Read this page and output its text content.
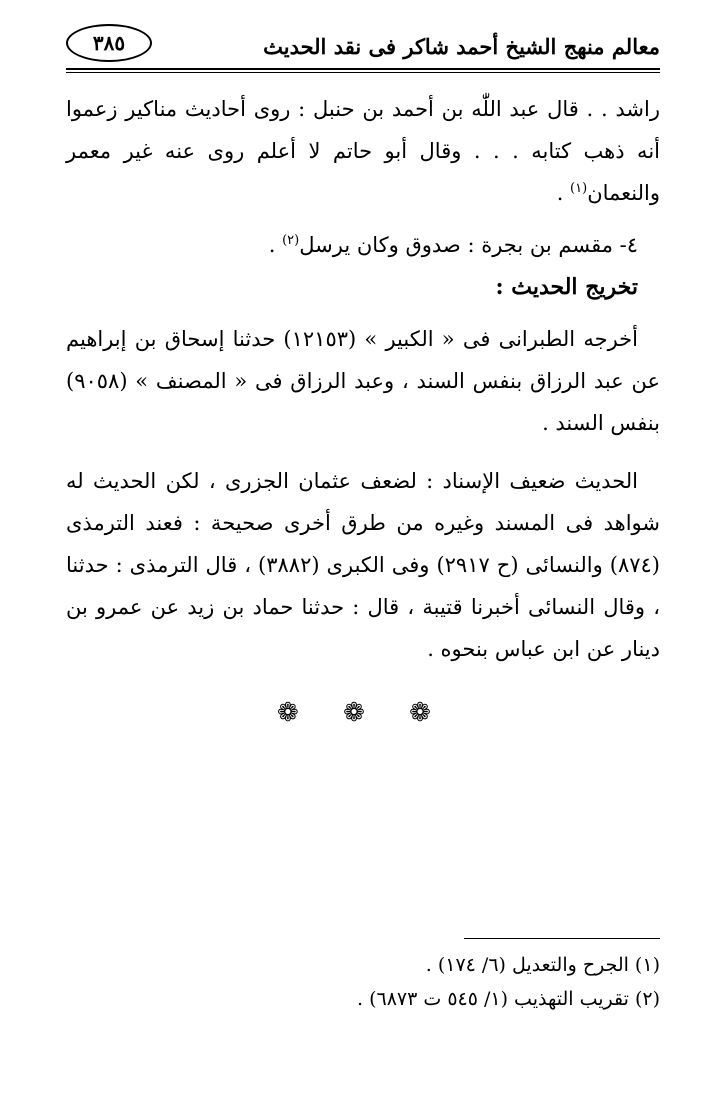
معالم منهج الشيخ أحمد شاكر فى نقد الحديث
٣٨٥

راشد . . قال عبد اللّٰه بن أحمد بن حنبل : روى أحاديث مناكير زعموا أنه ذهب كتابه . . . وقال أبو حاتم لا أعلم روى عنه غير معمر والنعمان$^{(١)}$ .

٤- مقسم بن بجرة : صدوق وكان يرسل$^{(٢)}$ .

تخريج الحديث :

أخرجه الطبرانى فى « الكبير » (١٢١٥٣) حدثنا إسحاق بن إبراهيم عن عبد الرزاق بنفس السند ، وعبد الرزاق فى « المصنف » (٩٠٥٨) بنفس السند .

الحديث ضعيف الإسناد : لضعف عثمان الجزرى ، لكن الحديث له شواهد فى المسند وغيره من طرق أخرى صحيحة : فعند الترمذى (٨٧٤) والنسائى (ح ٢٩١٧) وفى الكبرى (٣٨٨٢) ، قال الترمذى : حدثنا ، وقال النسائى أخبرنا قتيبة ، قال : حدثنا حماد بن زيد عن عمرو بن دينار عن ابن عباس بنحوه .

❁ ❁ ❁

(١) الجرح والتعديل (٦/ ١٧٤) .

(٢) تقريب التهذيب (١/ ٥٤٥ ت ٦٨٧٣) .
